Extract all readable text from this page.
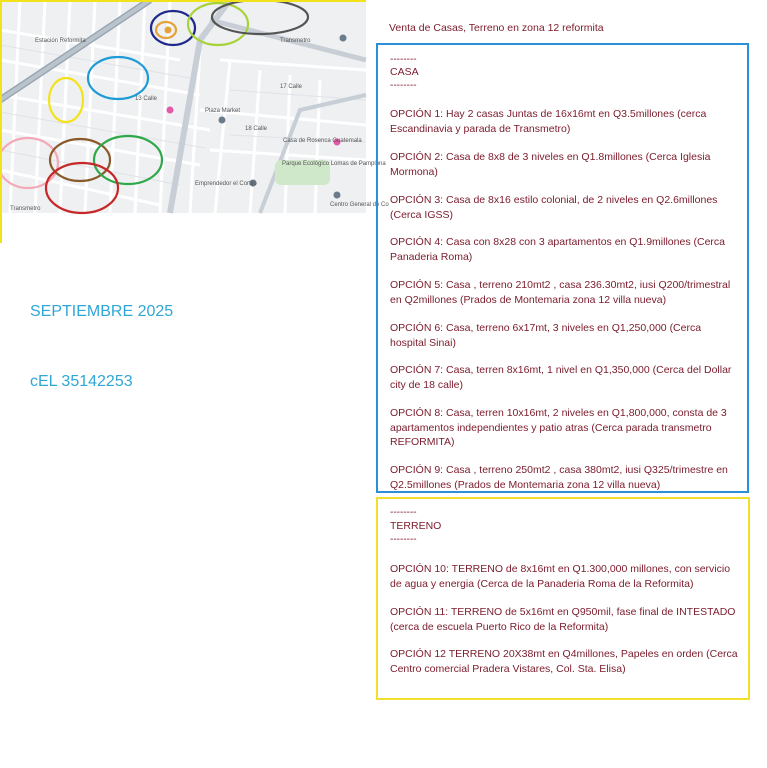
Estación Reformita	Transmetro
Plaza Market
Casa de Rosenca Guatemala
Parque Ecológico Lomas de Pamplona
Emprendedor el Cortijo
Centro General de Co
17 Calle
13 Calle
18 Calle
Transmetro
SEPTIEMBRE 2025
cEL 35142253
Venta de Casas, Terreno en zona 12 reformita
--------
CASA
--------
OPCIÓN 1: Hay 2 casas Juntas de 16x16mt en Q3.5millones (cerca Escandinavia y parada de Transmetro)
OPCIÓN 2: Casa de 8x8 de 3 niveles en Q1.8millones (Cerca Iglesia Mormona)
OPCIÓN 3: Casa de 8x16 estilo colonial, de 2 niveles en Q2.6millones (Cerca IGSS)
OPCIÓN 4: Casa con 8x28 con 3 apartamentos en Q1.9millones (Cerca Panaderia Roma)
OPCIÓN 5: Casa , terreno 210mt2 , casa 236.30mt2, iusi Q200/trimestral en Q2millones (Prados de Montemaria zona 12 villa nueva)
OPCIÓN 6: Casa, terreno 6x17mt, 3 niveles en Q1,250,000 (Cerca hospital Sinai)
OPCIÓN 7: Casa, terren 8x16mt, 1 nivel en Q1,350,000 (Cerca del Dollar city de 18 calle)
OPCIÓN 8: Casa, terren 10x16mt, 2 niveles en Q1,800,000, consta de 3 apartamentos independientes y patio atras (Cerca parada transmetro REFORMITA)
OPCIÓN 9: Casa , terreno 250mt2 , casa 380mt2, iusi Q325/trimestre en Q2.5millones (Prados de Montemaria zona 12 villa nueva)
--------
TERRENO
--------
OPCIÓN 10: TERRENO de 8x16mt en Q1.300,000 millones, con servicio de agua y energia (Cerca de la Panaderia Roma de la Reformita)
OPCIÓN 11: TERRENO de 5x16mt en Q950mil, fase final de INTESTADO (cerca de escuela Puerto Rico de la Reformita)
OPCIÓN 12 TERRENO 20X38mt en Q4millones, Papeles en orden (Cerca Centro comercial Pradera Vistares, Col. Sta. Elisa)
